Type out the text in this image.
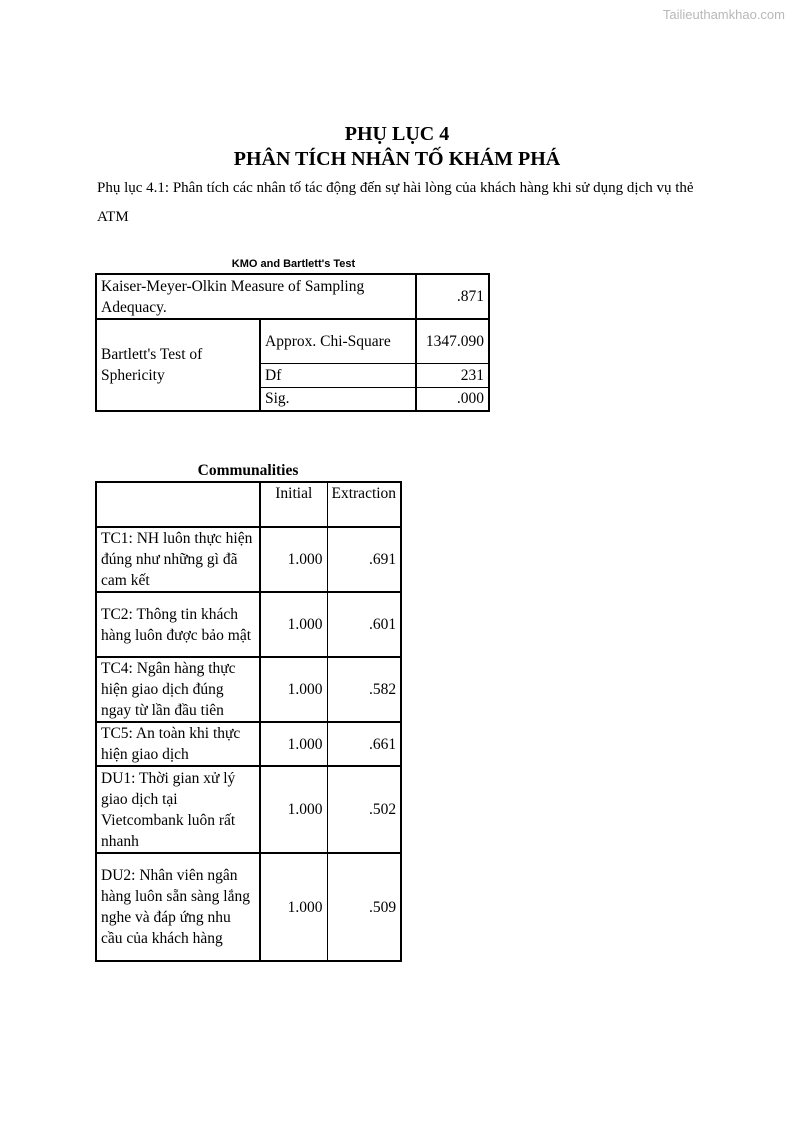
Tailieuthamkhao.com
PHỤ LỤC 4
PHÂN TÍCH NHÂN TỐ KHÁM PHÁ
Phụ lục 4.1: Phân tích các nhân tố tác động đến sự hài lòng của khách hàng khi sử dụng dịch vụ thẻ ATM
KMO and Bartlett's Test
Kaiser-Meyer-Olkin Measure of Sampling Adequacy.		.871
Bartlett's Test of Sphericity	Approx. Chi-Square	1347.090
	Df	231
	Sig.	.000
Communalities
	Initial	Extraction
TC1: NH luôn thực hiện đúng như những gì đã cam kết	1.000	.691
TC2: Thông tin khách hàng luôn được bảo mật	1.000	.601
TC4: Ngân hàng thực hiện giao dịch đúng ngay từ lần đầu tiên	1.000	.582
TC5: An toàn khi thực hiện giao dịch	1.000	.661
DU1: Thời gian xử lý giao dịch tại Vietcombank luôn rất nhanh	1.000	.502
DU2: Nhân viên ngân hàng luôn sẵn sàng lắng nghe và đáp ứng nhu cầu của khách hàng	1.000	.509
